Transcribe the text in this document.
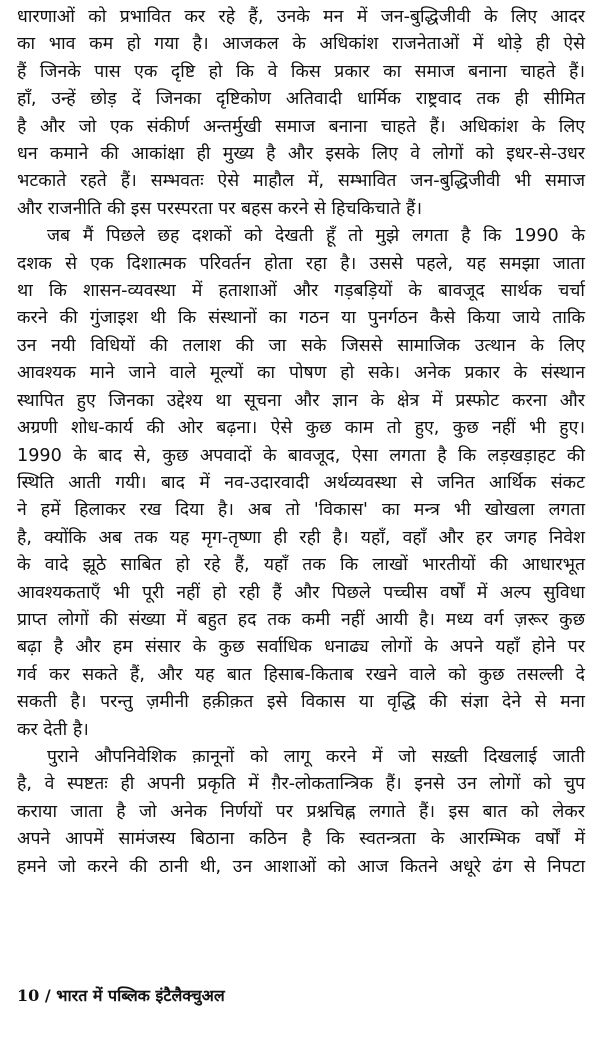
धारणाओं को प्रभावित कर रहे हैं, उनके मन में जन-बुद्धिजीवी के लिए आदर
का भाव कम हो गया है। आजकल के अधिकांश राजनेताओं में थोड़े ही ऐसे
हैं जिनके पास एक दृष्टि हो कि वे किस प्रकार का समाज बनाना चाहते हैं।
हाँ, उन्हें छोड़ दें जिनका दृष्टिकोण अतिवादी धार्मिक राष्ट्रवाद तक ही सीमित
है और जो एक संकीर्ण अन्तर्मुखी समाज बनाना चाहते हैं। अधिकांश के लिए
धन कमाने की आकांक्षा ही मुख्य है और इसके लिए वे लोगों को इधर-से-उधर
भटकाते रहते हैं। सम्भवतः ऐसे माहौल में, सम्भावित जन-बुद्धिजीवी भी समाज
और राजनीति की इस परस्परता पर बहस करने से हिचकिचाते हैं।
जब मैं पिछले छह दशकों को देखती हूँ तो मुझे लगता है कि 1990 के
दशक से एक दिशात्मक परिवर्तन होता रहा है। उससे पहले, यह समझा जाता
था कि शासन-व्यवस्था में हताशाओं और गड़बड़ियों के बावजूद सार्थक चर्चा
करने की गुंजाइश थी कि संस्थानों का गठन या पुनर्गठन कैसे किया जाये ताकि
उन नयी विधियों की तलाश की जा सके जिससे सामाजिक उत्थान के लिए
आवश्यक माने जाने वाले मूल्यों का पोषण हो सके। अनेक प्रकार के संस्थान
स्थापित हुए जिनका उद्देश्य था सूचना और ज्ञान के क्षेत्र में प्रस्फोट करना और
अग्रणी शोध-कार्य की ओर बढ़ना। ऐसे कुछ काम तो हुए, कुछ नहीं भी हुए।
1990 के बाद से, कुछ अपवादों के बावजूद, ऐसा लगता है कि लड़खड़ाहट की
स्थिति आती गयी। बाद में नव-उदारवादी अर्थव्यवस्था से जनित आर्थिक संकट
ने हमें हिलाकर रख दिया है। अब तो 'विकास' का मन्त्र भी खोखला लगता
है, क्योंकि अब तक यह मृग-तृष्णा ही रही है। यहाँ, वहाँ और हर जगह निवेश
के वादे झूठे साबित हो रहे हैं, यहाँ तक कि लाखों भारतीयों की आधारभूत
आवश्यकताएँ भी पूरी नहीं हो रही हैं और पिछले पच्चीस वर्षों में अल्प सुविधा
प्राप्त लोगों की संख्या में बहुत हद तक कमी नहीं आयी है। मध्य वर्ग ज़रूर कुछ
बढ़ा है और हम संसार के कुछ सर्वाधिक धनाढ्य लोगों के अपने यहाँ होने पर
गर्व कर सकते हैं, और यह बात हिसाब-किताब रखने वाले को कुछ तसल्ली दे
सकती है। परन्तु ज़मीनी हक़ीक़त इसे विकास या वृद्धि की संज्ञा देने से मना
कर देती है।
पुराने औपनिवेशिक क़ानूनों को लागू करने में जो सख़्ती दिखलाई जाती
है, वे स्पष्टतः ही अपनी प्रकृति में ग़ैर-लोकतान्त्रिक हैं। इनसे उन लोगों को चुप
कराया जाता है जो अनेक निर्णयों पर प्रश्नचिह्न लगाते हैं। इस बात को लेकर
अपने आपमें सामंजस्य बिठाना कठिन है कि स्वतन्त्रता के आरम्भिक वर्षों में
हमने जो करने की ठानी थी, उन आशाओं को आज कितने अधूरे ढंग से निपटा
10 / भारत में पब्लिक इंटैलैक्चुअल
